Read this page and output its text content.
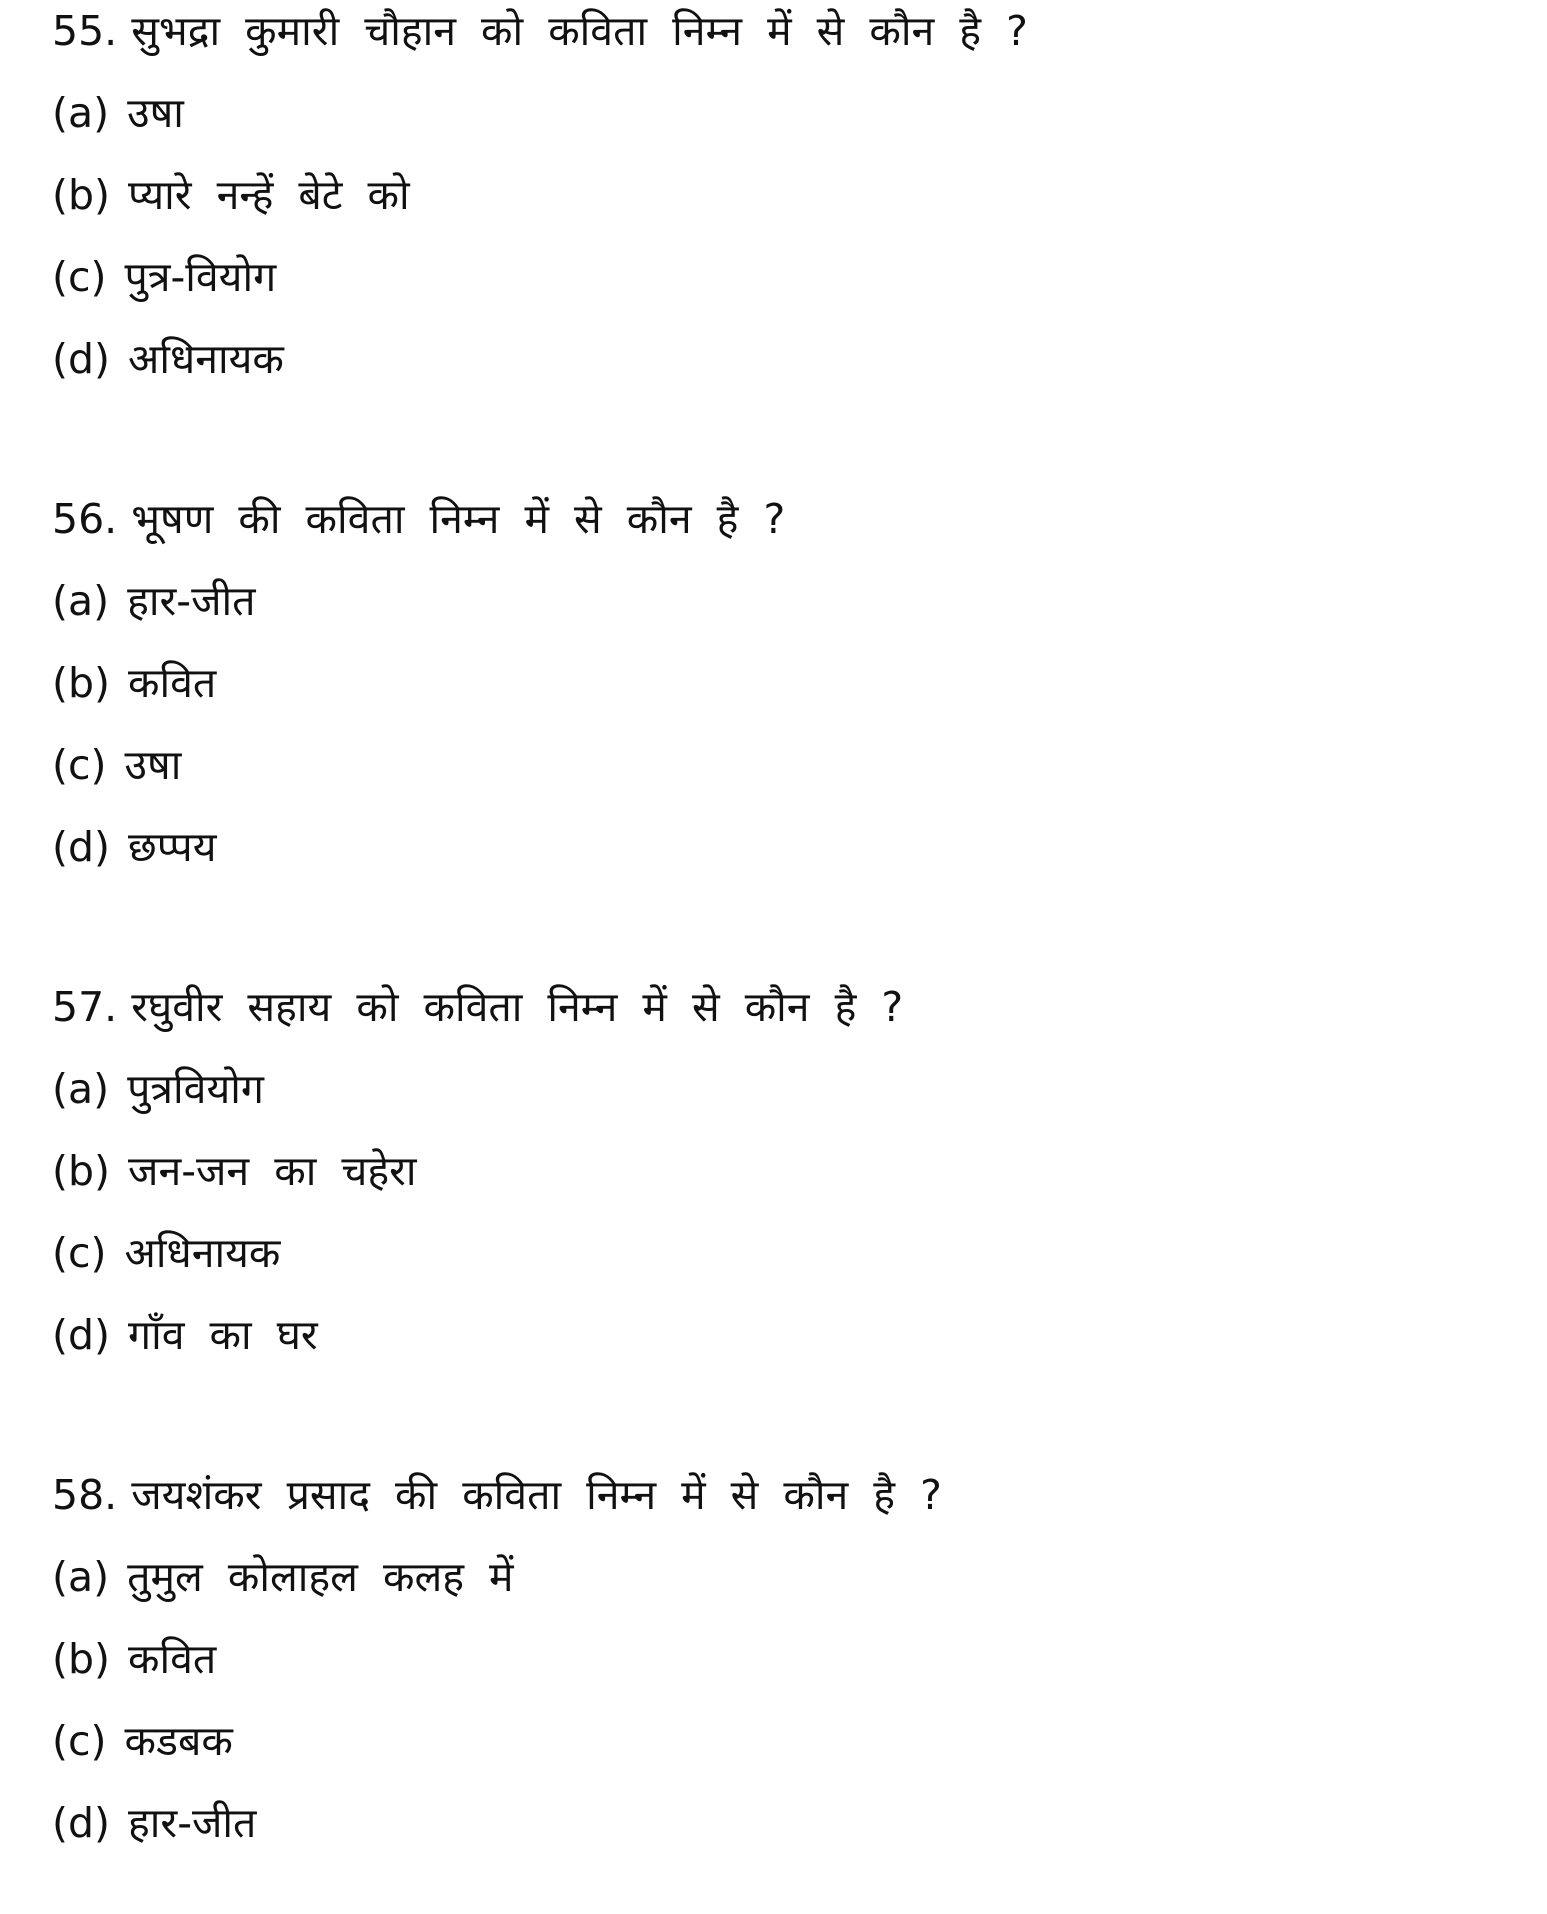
55. सुभद्रा कुमारी चौहान को कविता निम्न में से कौन है ?
(a) उषा
(b) प्यारे नन्हें बेटे को
(c) पुत्र-वियोग
(d) अधिनायक
56. भूषण की कविता निम्न में से कौन है ?
(a) हार-जीत
(b) कवित
(c) उषा
(d) छप्पय
57. रघुवीर सहाय को कविता निम्न में से कौन है ?
(a) पुत्रवियोग
(b) जन-जन का चहेरा
(c) अधिनायक
(d) गाँव का घर
58. जयशंकर प्रसाद की कविता निम्न में से कौन है ?
(a) तुमुल कोलाहल कलह में
(b) कवित
(c) कडबक
(d) हार-जीत
